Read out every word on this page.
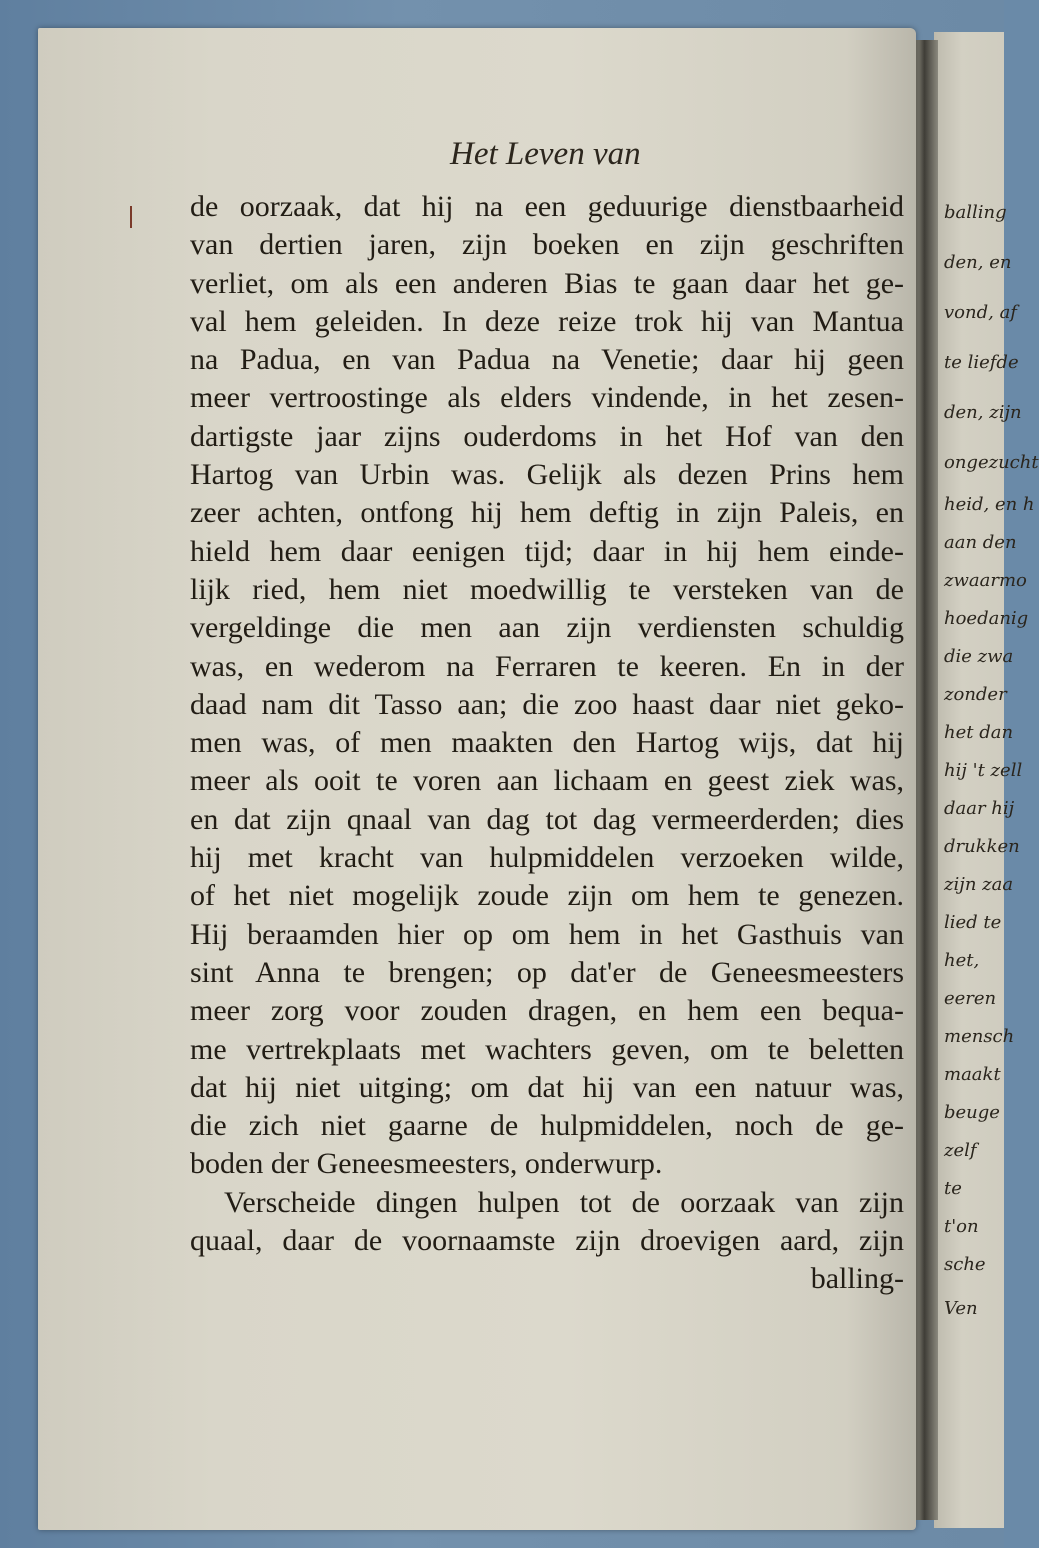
balling
den, en
vond, af
te liefde
den, zijn
ongezucht
heid, en h
aan den
zwaarmo
hoedanig
die zwa
zonder
het dan
hij 't zell
daar hij
drukken
zijn zaa
lied te
het,
eeren
mensch
maakt
beuge
zelf
te
t'on
sche
Ven
Het Leven van
de oorzaak, dat hij na een geduurige dienstbaarheid
van dertien jaren, zijn boeken en zijn geschriften
verliet, om als een anderen Bias te gaan daar het ge-
val hem geleiden. In deze reize trok hij van Mantua
na Padua, en van Padua na Venetie; daar hij geen
meer vertroostinge als elders vindende, in het zesen-
dartigste jaar zijns ouderdoms in het Hof van den
Hartog van Urbin was. Gelijk als dezen Prins hem
zeer achten, ontfong hij hem deftig in zijn Paleis, en
hield hem daar eenigen tijd; daar in hij hem einde-
lijk ried, hem niet moedwillig te versteken van de
vergeldinge die men aan zijn verdiensten schuldig
was, en wederom na Ferraren te keeren. En in der
daad nam dit Tasso aan; die zoo haast daar niet geko-
men was, of men maakten den Hartog wijs, dat hij
meer als ooit te voren aan lichaam en geest ziek was,
en dat zijn qnaal van dag tot dag vermeerderden; dies
hij met kracht van hulpmiddelen verzoeken wilde,
of het niet mogelijk zoude zijn om hem te genezen.
Hij beraamden hier op om hem in het Gasthuis van
sint Anna te brengen; op dat'er de Geneesmeesters
meer zorg voor zouden dragen, en hem een bequa-
me vertrekplaats met wachters geven, om te beletten
dat hij niet uitging; om dat hij van een natuur was,
die zich niet gaarne de hulpmiddelen, noch de ge-
boden der Geneesmeesters, onderwurp.
Verscheide dingen hulpen tot de oorzaak van zijn
quaal, daar de voornaamste zijn droevigen aard, zijn
balling-
